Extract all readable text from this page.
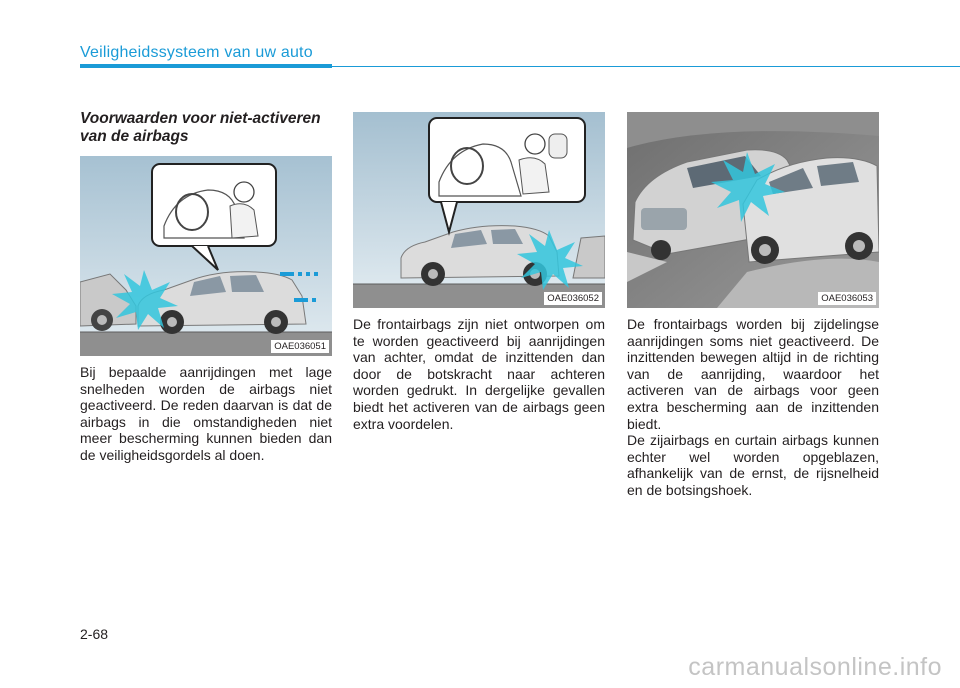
Veiligheidssysteem van uw auto
Voorwaarden voor niet-activeren van de airbags
OAE036051
OAE036052	OAE036053

Bij bepaalde aanrijdingen met lage snelheden worden de airbags niet geactiveerd. De reden daarvan is dat de airbags in die omstandigheden niet meer bescherming kunnen bieden dan de veiligheidsgordels al doen.

De frontairbags zijn niet ontworpen om te worden geactiveerd bij aanrijdingen van achter, omdat de inzittenden dan door de botskracht naar achteren worden gedrukt. In dergelijke gevallen biedt het activeren van de airbags geen extra voordelen.

De frontairbags worden bij zijdelingse aanrijdingen soms niet geactiveerd. De inzittenden bewegen altijd in de richting van de aanrijding, waardoor het activeren van de airbags voor geen extra bescherming aan de inzittenden biedt.

De zijairbags en curtain airbags kunnen echter wel worden opgeblazen, afhankelijk van de ernst, de rijsnelheid en de botsingshoek.

2-68
carmanualsonline.info
